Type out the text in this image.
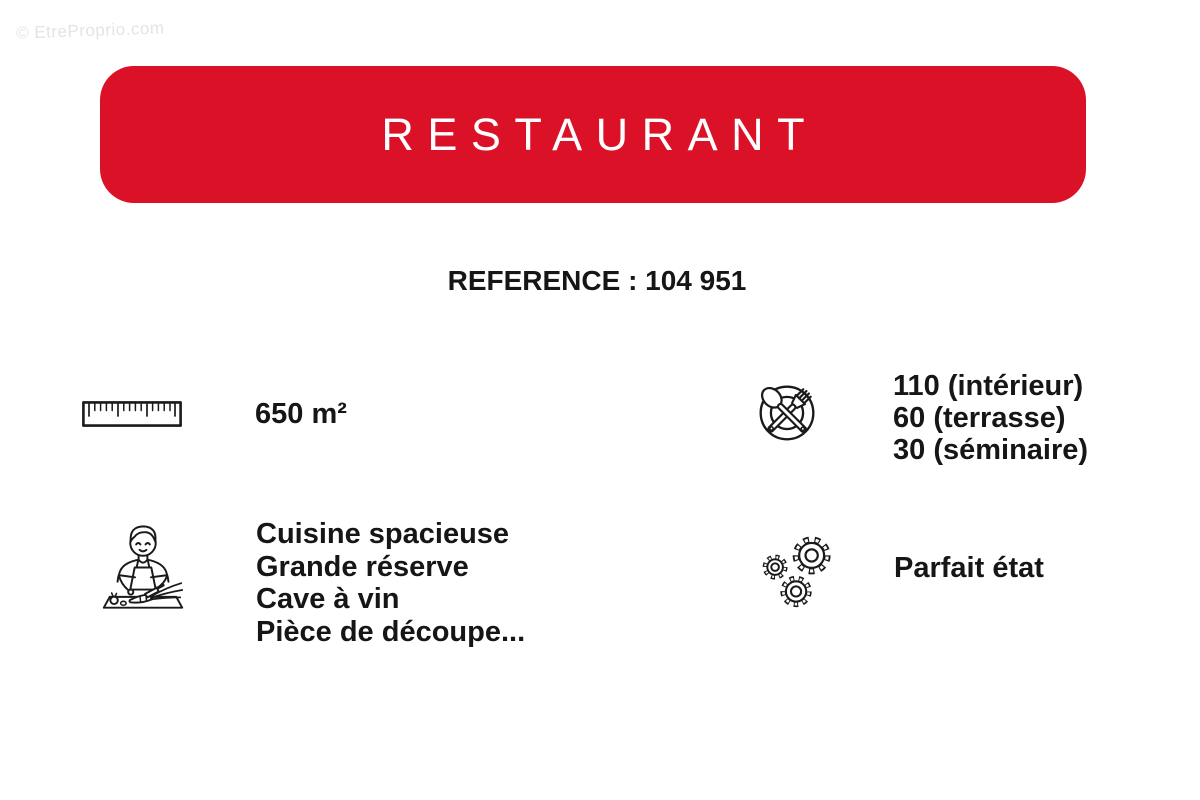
© EtreProprio.com
RESTAURANT
REFERENCE : 104 951
650 m²
110 (intérieur)
60 (terrasse)
30 (séminaire)
Cuisine spacieuse
Grande réserve
Cave à vin
Pièce de découpe...
Parfait état
